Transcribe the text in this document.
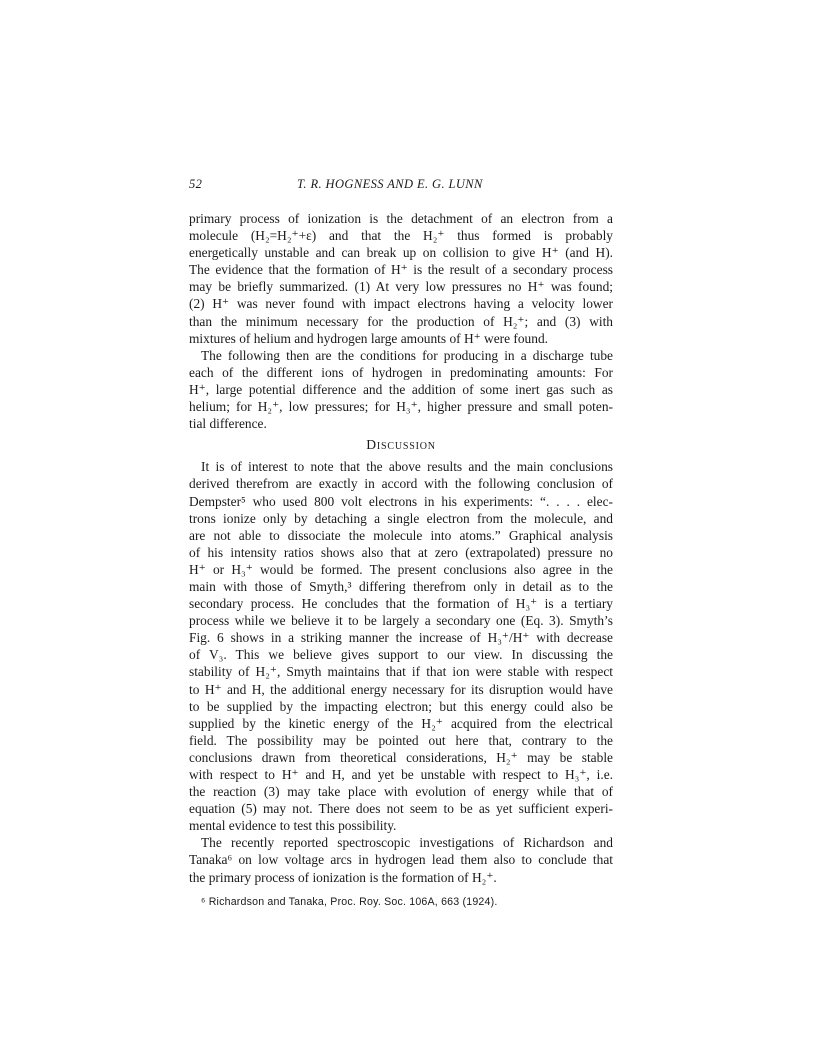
52	T. R. HOGNESS AND E. G. LUNN
primary process of ionization is the detachment of an electron from a
molecule (H₂=H₂⁺+ε) and that the H₂⁺ thus formed is probably
energetically unstable and can break up on collision to give H⁺ (and H).
The evidence that the formation of H⁺ is the result of a secondary process
may be briefly summarized. (1) At very low pressures no H⁺ was found;
(2) H⁺ was never found with impact electrons having a velocity lower
than the minimum necessary for the production of H₂⁺; and (3) with
mixtures of helium and hydrogen large amounts of H⁺ were found.
The following then are the conditions for producing in a discharge tube
each of the different ions of hydrogen in predominating amounts: For
H⁺, large potential difference and the addition of some inert gas such as
helium; for H₂⁺, low pressures; for H₃⁺, higher pressure and small poten-
tial difference.
Discussion
It is of interest to note that the above results and the main conclusions
derived therefrom are exactly in accord with the following conclusion of
Dempster⁵ who used 800 volt electrons in his experiments: “. . . . elec-
trons ionize only by detaching a single electron from the molecule, and
are not able to dissociate the molecule into atoms.” Graphical analysis
of his intensity ratios shows also that at zero (extrapolated) pressure no
H⁺ or H₃⁺ would be formed. The present conclusions also agree in the
main with those of Smyth,³ differing therefrom only in detail as to the
secondary process. He concludes that the formation of H₃⁺ is a tertiary
process while we believe it to be largely a secondary one (Eq. 3). Smyth’s
Fig. 6 shows in a striking manner the increase of H₃⁺/H⁺ with decrease
of V₃. This we believe gives support to our view. In discussing the
stability of H₂⁺, Smyth maintains that if that ion were stable with respect
to H⁺ and H, the additional energy necessary for its disruption would have
to be supplied by the impacting electron; but this energy could also be
supplied by the kinetic energy of the H₂⁺ acquired from the electrical
field. The possibility may be pointed out here that, contrary to the
conclusions drawn from theoretical considerations, H₂⁺ may be stable
with respect to H⁺ and H, and yet be unstable with respect to H₃⁺, i.e.
the reaction (3) may take place with evolution of energy while that of
equation (5) may not. There does not seem to be as yet sufficient experi-
mental evidence to test this possibility.
The recently reported spectroscopic investigations of Richardson and
Tanaka⁶ on low voltage arcs in hydrogen lead them also to conclude that
the primary process of ionization is the formation of H₂⁺.
⁶ Richardson and Tanaka, Proc. Roy. Soc. 106A, 663 (1924).
